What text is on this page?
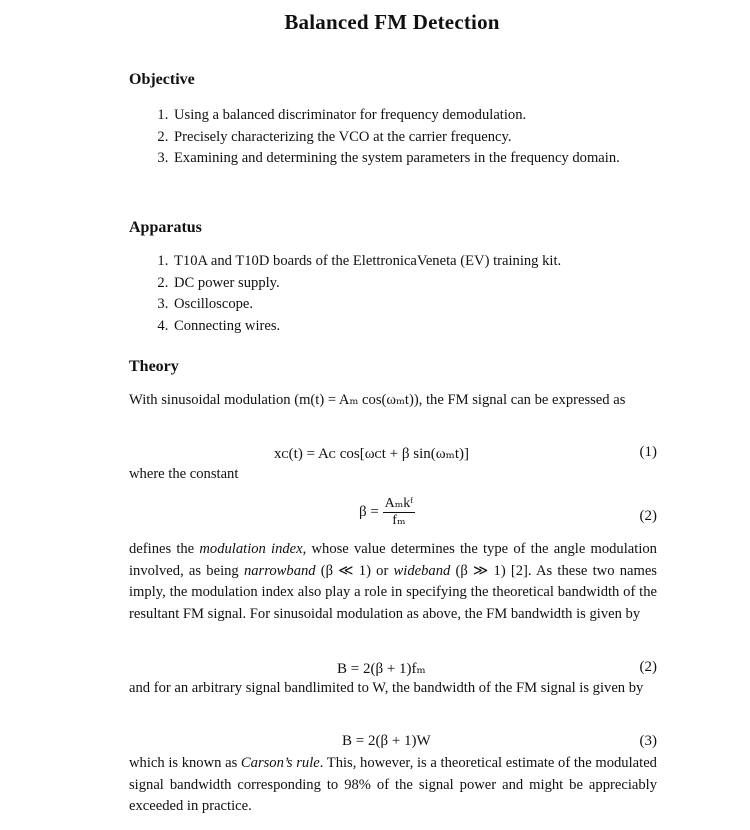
Balanced FM Detection
Objective
1. Using a balanced discriminator for frequency demodulation.
2. Precisely characterizing the VCO at the carrier frequency.
3. Examining and determining the system parameters in the frequency domain.
Apparatus
1. T10A and T10D boards of the ElettronicaVeneta (EV) training kit.
2. DC power supply.
3. Oscilloscope.
4. Connecting wires.
Theory

With sinusoidal modulation (m(t) = Aₘ cos(ωₘt)), the FM signal can be expressed as

xᴄ(t) = Aᴄ cos[ωᴄt + β sin(ωₘt)]	(1)

where the constant

$\beta = \frac{\text{Aₘkᶠ}}{\text{fₘ}}$	(2)

defines the modulation index, whose value determines the type of the angle modulation involved, as being narrowband (β ≪ 1) or wideband (β ≫ 1) [2]. As these two names imply, the modulation index also play a role in specifying the theoretical bandwidth of the resultant FM signal. For sinusoidal modulation as above, the FM bandwidth is given by

B = 2(β + 1)fₘ	(2)

and for an arbitrary signal bandlimited to W, the bandwidth of the FM signal is given by

B = 2(β + 1)W	(3)

which is known as Carson’s rule. This, however, is a theoretical estimate of the modulated signal bandwidth corresponding to 98% of the signal power and might be appreciably exceeded in practice.
